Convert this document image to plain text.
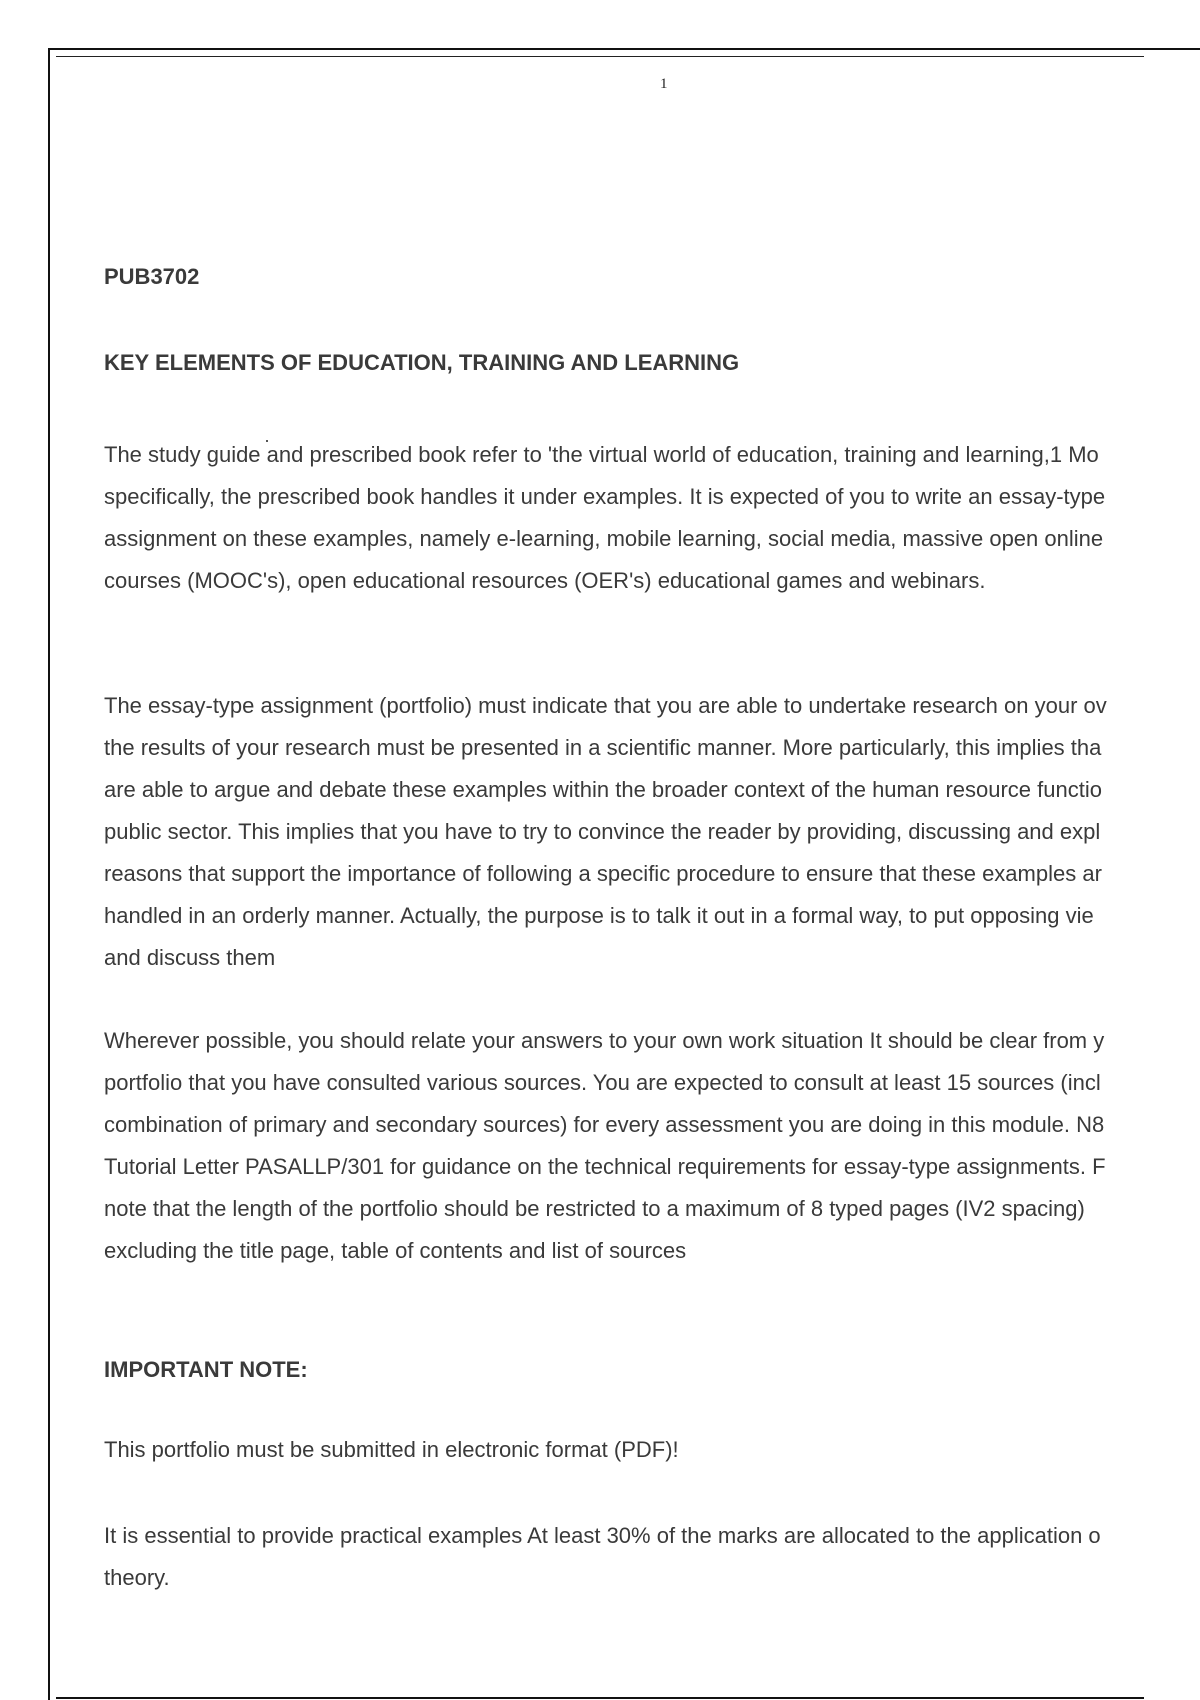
1

PUB3702

KEY ELEMENTS OF EDUCATION, TRAINING AND LEARNING

The study guide and prescribed book refer to 'the virtual world of education, training and learning,1 Mo
specifically, the prescribed book handles it under examples. It is expected of you to write an essay-type
assignment on these examples, namely e-learning, mobile learning, social media, massive open online
courses (MOOC's), open educational resources (OER's) educational games and webinars.
The essay-type assignment (portfolio) must indicate that you are able to undertake research on your ov
the results of your research must be presented in a scientific manner. More particularly, this implies tha
are able to argue and debate these examples within the broader context of the human resource functio
public sector. This implies that you have to try to convince the reader by providing, discussing and expl
reasons that support the importance of following a specific procedure to ensure that these examples ar
handled in an orderly manner. Actually, the purpose is to talk it out in a formal way, to put opposing vie
and discuss them
Wherever possible, you should relate your answers to your own work situation It should be clear from y
portfolio that you have consulted various sources. You are expected to consult at least 15 sources (incl
combination of primary and secondary sources) for every assessment you are doing in this module. N8
Tutorial Letter PASALLP/301 for guidance on the technical requirements for essay-type assignments. F
note that the length of the portfolio should be restricted to a maximum of 8 typed pages (IV2 spacing)
excluding the title page, table of contents and list of sources

IMPORTANT NOTE:

This portfolio must be submitted in electronic format (PDF)!
It is essential to provide practical examples At least 30% of the marks are allocated to the application o
theory.
